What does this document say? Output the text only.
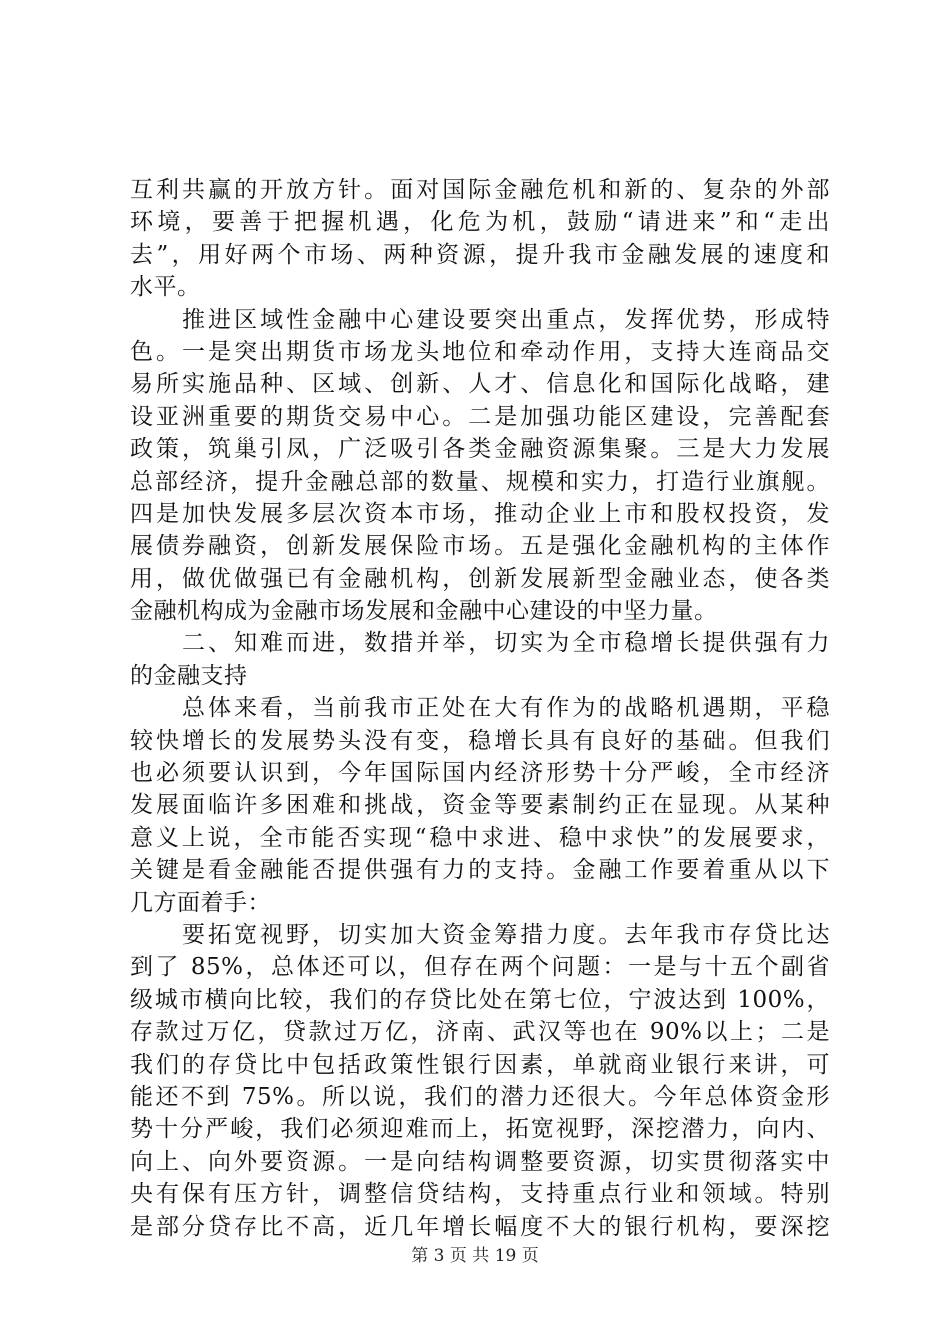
互利共赢的开放方针。面对国际金融危机和新的、复杂的外部
环境，要善于把握机遇，化危为机，鼓励“请进来”和“走出
去”，用好两个市场、两种资源，提升我市金融发展的速度和
水平。
　　推进区域性金融中心建设要突出重点，发挥优势，形成特
色。一是突出期货市场龙头地位和牵动作用，支持大连商品交
易所实施品种、区域、创新、人才、信息化和国际化战略，建
设亚洲重要的期货交易中心。二是加强功能区建设，完善配套
政策，筑巢引凤，广泛吸引各类金融资源集聚。三是大力发展
总部经济，提升金融总部的数量、规模和实力，打造行业旗舰。
四是加快发展多层次资本市场，推动企业上市和股权投资，发
展债券融资，创新发展保险市场。五是强化金融机构的主体作
用，做优做强已有金融机构，创新发展新型金融业态，使各类
金融机构成为金融市场发展和金融中心建设的中坚力量。
　　二、知难而进，数措并举，切实为全市稳增长提供强有力
的金融支持
　　总体来看，当前我市正处在大有作为的战略机遇期，平稳
较快增长的发展势头没有变，稳增长具有良好的基础。但我们
也必须要认识到，今年国际国内经济形势十分严峻，全市经济
发展面临许多困难和挑战，资金等要素制约正在显现。从某种
意义上说，全市能否实现“稳中求进、稳中求快”的发展要求，
关键是看金融能否提供强有力的支持。金融工作要着重从以下
几方面着手：
　　要拓宽视野，切实加大资金筹措力度。去年我市存贷比达
到了 85%，总体还可以，但存在两个问题：一是与十五个副省
级城市横向比较，我们的存贷比处在第七位，宁波达到 100%，
存款过万亿，贷款过万亿，济南、武汉等也在 90%以上；二是
我们的存贷比中包括政策性银行因素，单就商业银行来讲，可
能还不到 75%。所以说，我们的潜力还很大。今年总体资金形
势十分严峻，我们必须迎难而上，拓宽视野，深挖潜力，向内、
向上、向外要资源。一是向结构调整要资源，切实贯彻落实中
央有保有压方针，调整信贷结构，支持重点行业和领域。特别
是部分贷存比不高，近几年增长幅度不大的银行机构，要深挖
第 3 页 共 19 页
